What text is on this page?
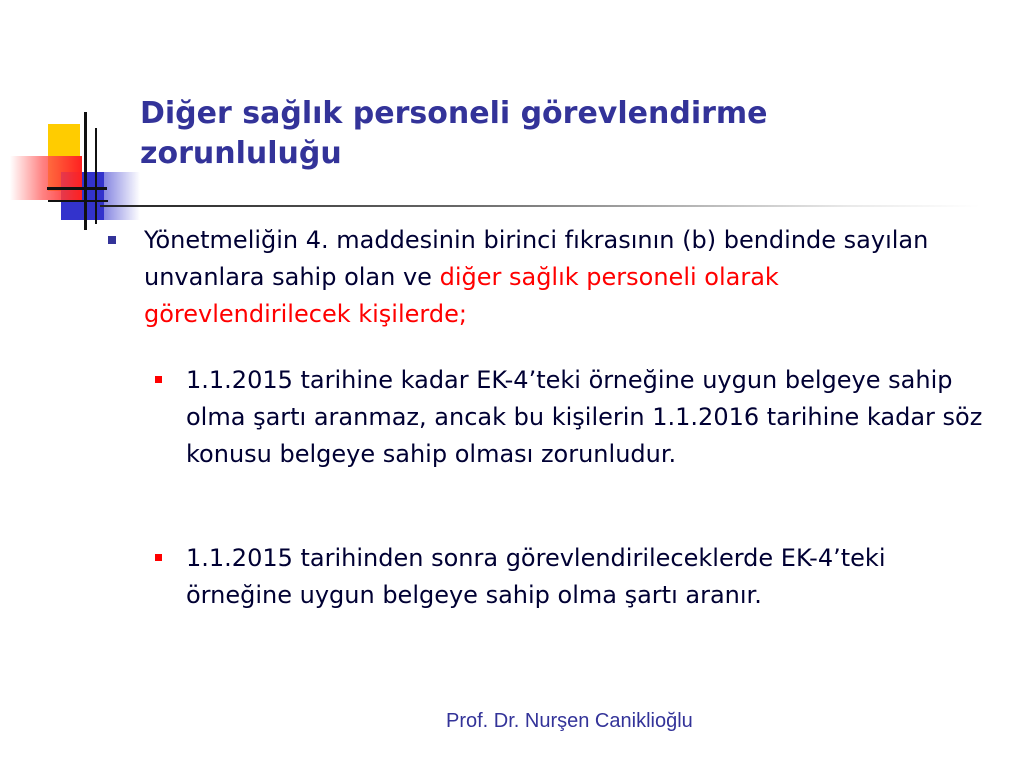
Diğer sağlık personeli görevlendirme zorunluluğu
Yönetmeliğin 4. maddesinin birinci fıkrasının (b) bendinde sayılan unvanlara sahip olan ve diğer sağlık personeli olarak görevlendirilecek kişilerde;
1.1.2015 tarihine kadar EK-4’teki örneğine uygun belgeye sahip olma şartı aranmaz, ancak bu kişilerin 1.1.2016 tarihine kadar söz konusu belgeye sahip olması zorunludur.
1.1.2015 tarihinden sonra görevlendirileceklerde EK-4’teki örneğine uygun belgeye sahip olma şartı aranır.
Prof. Dr. Nurşen Caniklioğlu
